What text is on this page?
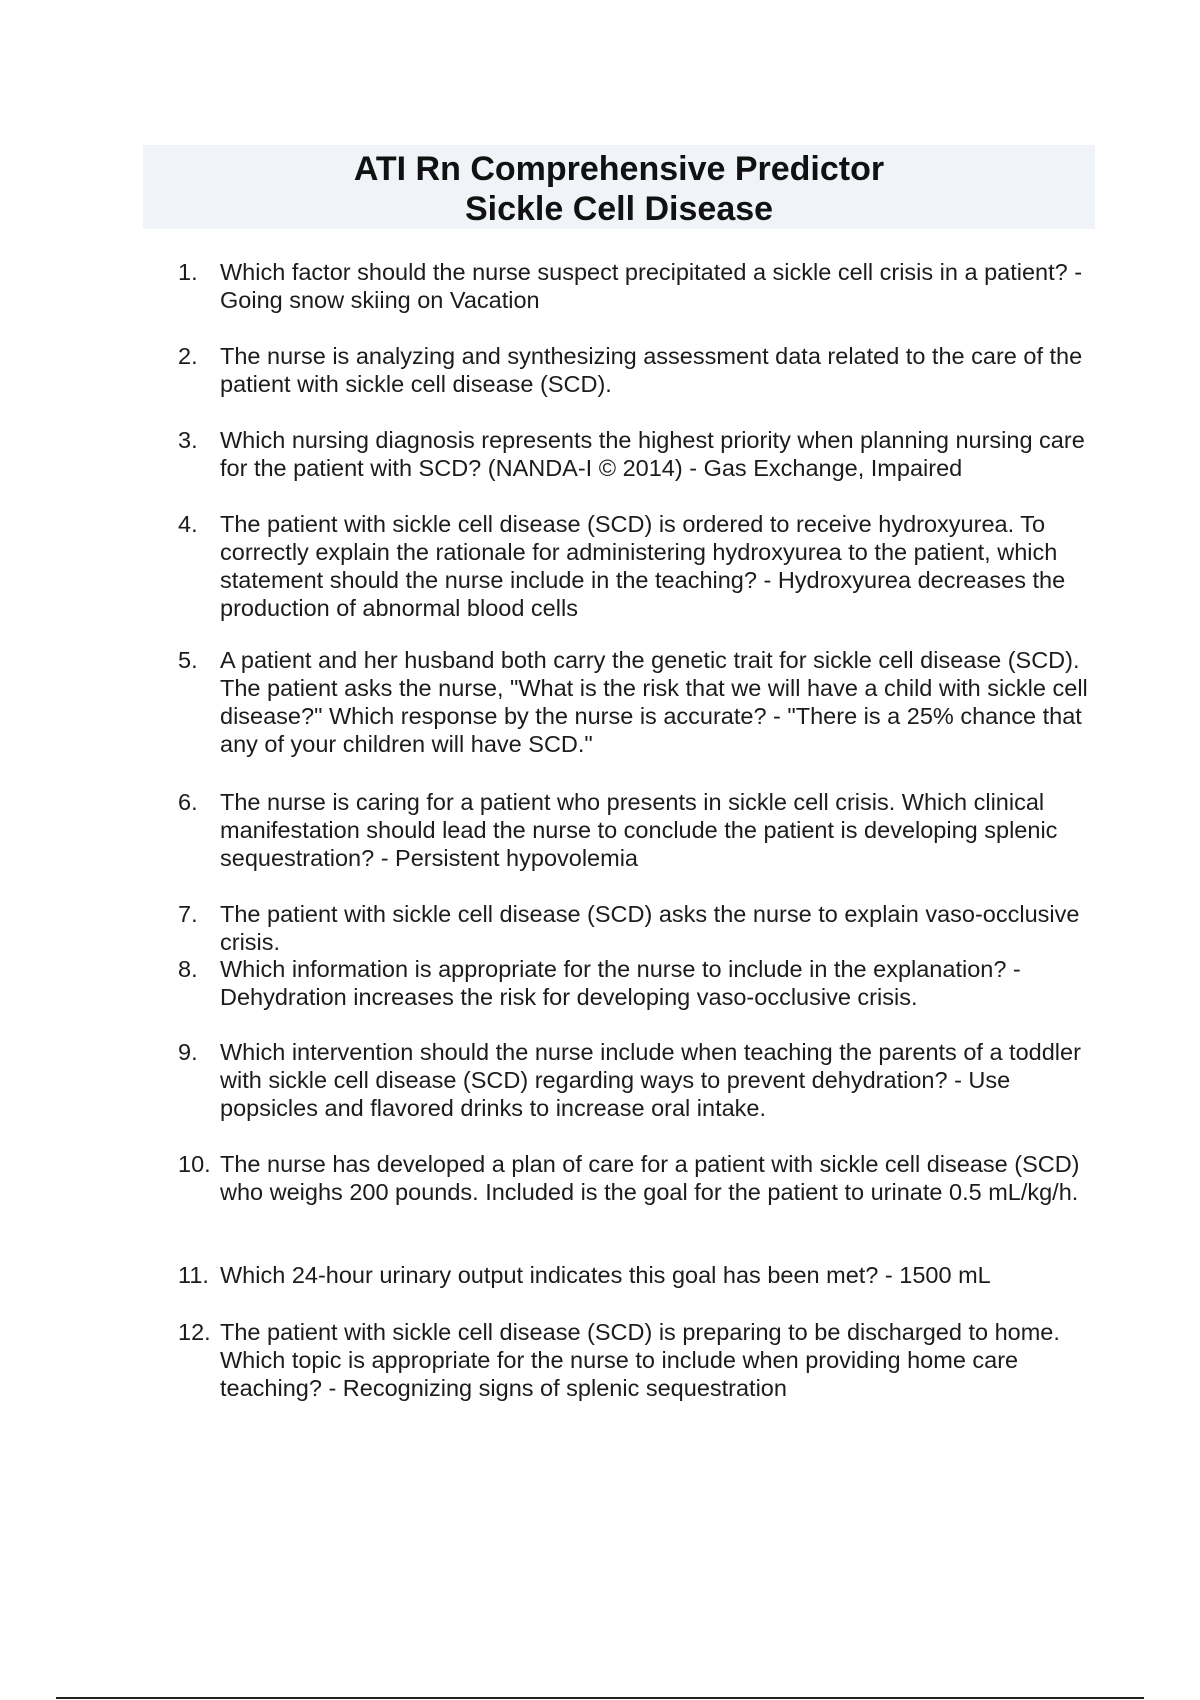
ATI Rn Comprehensive Predictor
Sickle Cell Disease
1. Which factor should the nurse suspect precipitated a sickle cell crisis in a patient? - Going snow skiing on Vacation
2. The nurse is analyzing and synthesizing assessment data related to the care of the patient with sickle cell disease (SCD).
3. Which nursing diagnosis represents the highest priority when planning nursing care for the patient with SCD? (NANDA-I © 2014) - Gas Exchange, Impaired
4. The patient with sickle cell disease (SCD) is ordered to receive hydroxyurea. To correctly explain the rationale for administering hydroxyurea to the patient, which statement should the nurse include in the teaching? - Hydroxyurea decreases the production of abnormal blood cells
5. A patient and her husband both carry the genetic trait for sickle cell disease (SCD). The patient asks the nurse, "What is the risk that we will have a child with sickle cell disease?" Which response by the nurse is accurate? - "There is a 25% chance that any of your children will have SCD."
6. The nurse is caring for a patient who presents in sickle cell crisis. Which clinical manifestation should lead the nurse to conclude the patient is developing splenic sequestration? - Persistent hypovolemia
7. The patient with sickle cell disease (SCD) asks the nurse to explain vaso-occlusive crisis.
8. Which information is appropriate for the nurse to include in the explanation? - Dehydration increases the risk for developing vaso-occlusive crisis.
9. Which intervention should the nurse include when teaching the parents of a toddler with sickle cell disease (SCD) regarding ways to prevent dehydration? - Use popsicles and flavored drinks to increase oral intake.
10. The nurse has developed a plan of care for a patient with sickle cell disease (SCD) who weighs 200 pounds. Included is the goal for the patient to urinate 0.5 mL/kg/h.
11. Which 24-hour urinary output indicates this goal has been met? - 1500 mL
12. The patient with sickle cell disease (SCD) is preparing to be discharged to home. Which topic is appropriate for the nurse to include when providing home care teaching? - Recognizing signs of splenic sequestration
